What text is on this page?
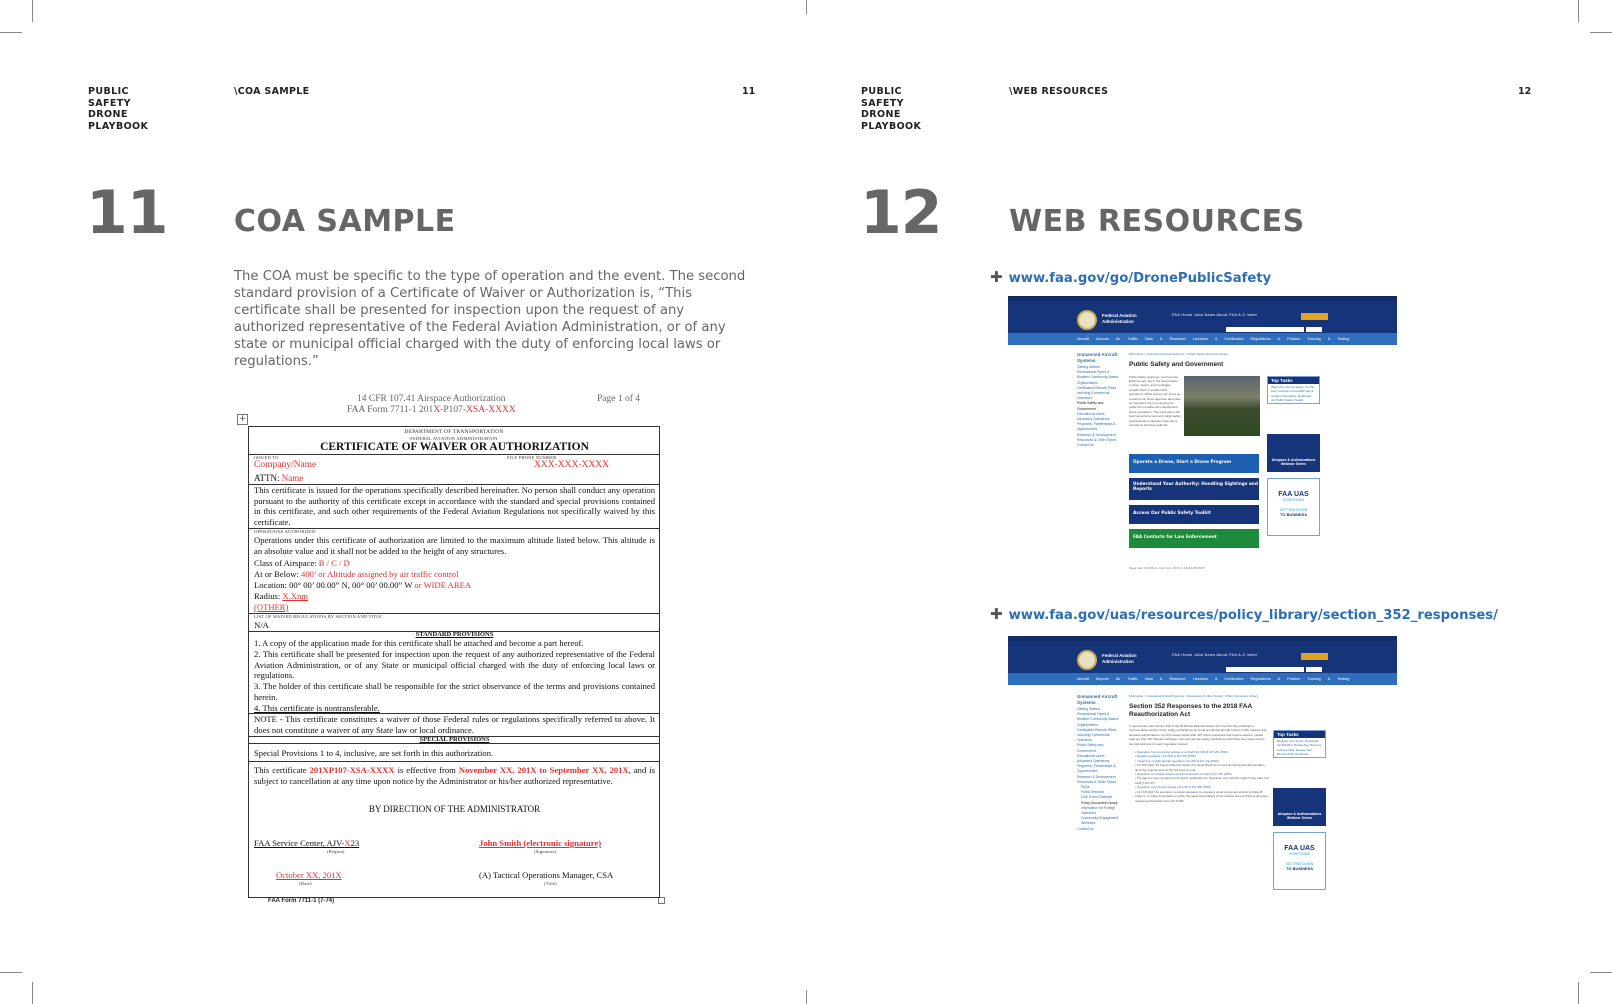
PUBLIC
SAFETY
DRONE
PLAYBOOK
\COA SAMPLE	11
11 COA SAMPLE
The COA must be specific to the type of operation and the event. The second standard provision of a Certificate of Waiver or Authorization is, “This certificate shall be presented for inspection upon the request of any authorized representative of the Federal Aviation Administration, or of any state or municipal official charged with the duty of enforcing local laws or regulations.”
14 CFR 107.41 Airspace Authorization	Page 1 of 4
FAA Form 7711-1 201X-P107-XSA-XXXX
+
DEPARTMENT OF TRANSPORTATION
FEDERAL AVIATION ADMINISTRATION
CERTIFICATE OF WAIVER OR AUTHORIZATION
ISSUED TO	FILE PHONE NUMBER
Company/Name	XXX-XXX-XXXX
ATTN: Name
This certificate is issued for the operations specifically described hereinafter. No person shall conduct any operation pursuant to the authority of this certificate except in accordance with the standard and special provisions contained in this certificate, and such other requirements of the Federal Aviation Regulations not specifically waived by this certificate.
OPERATIONS AUTHORIZED
Operations under this certificate of authorization are limited to the maximum altitude listed below. This altitude is an absolute value and it shall not be added to the height of any structures.
Class of Airspace: B / C / D
At or Below: 400’ or Altitude assigned by air traffic control
Location: 00° 00’ 00.00” N, 00° 00’ 00.00” W or WIDE AREA
Radius: X.Xnm
(OTHER)
LIST OF WAIVED REGULATIONS BY SECTION AND TITLE
N/A
STANDARD PROVISIONS
1. A copy of the application made for this certificate shall be attached and become a part hereof.
2. This certificate shall be presented for inspection upon the request of any authorized representative of the Federal Aviation Administration, or of any State or municipal official charged with the duty of enforcing local laws or regulations.
3. The holder of this certificate shall be responsible for the strict observance of the terms and provisions contained herein.
4. This certificate is nontransferable.
NOTE - This certificate constitutes a waiver of those Federal rules or regulations specifically referred to above. It does not constitute a waiver of any State law or local ordinance.
SPECIAL PROVISIONS
Special Provisions 1 to 4, inclusive, are set forth in this authorization.
This certificate 201XP107-XSA-XXXX is effective from November XX, 201X to September XX, 201X, and is subject to cancellation at any time upon notice by the Administrator or his/her authorized representative.
BY DIRECTION OF THE ADMINISTRATOR
FAA Service Center, AJV-X23
(Region)
John Smith (electronic signature)
(Signature)
October XX, 201X
(Date)
(A) Tactical Operations Manager, CSA
(Title)
FAA Form 7711-1 (7-74)
PUBLIC
SAFETY
DRONE
PLAYBOOK
\WEB RESOURCES	12
12 WEB RESOURCES
✚ www.faa.gov/go/DronePublicSafety
✚ www.faa.gov/uas/resources/policy_library/section_352_responses/
Federal Aviation
Administration
FAA Home Jobs News About FAA A-Z Index
Aircraft Airports Air Traffic Data & Research Licenses & Certificates Regulations & Policies Training & Testing
Unmanned Aircraft Systems
Getting Started
Recreational Flyers & Modeler Community-Based Organizations
Certificated Remote Pilots including Commercial Operators
Public Safety and Government
Educational Users
Advanced Operations
Programs, Partnerships & Opportunities
Research & Development
Resources & Other Topics
Contact Us
FAA Home > Unmanned Aircraft Systems > Public Safety and Government
Public Safety and Government
Public Safety Agencies, such as Law Enforcement, are in the best position to deter, detect, and investigate unauthorized or unsafe UAS operations. While drones can serve as a useful tool, these agencies also have an important role in protecting the public from unsafe and unauthorized drone operations. This information will help law enforcement and public safety professionals understand safe drone operations and their authority.
Operate a Drone, Start a Drone Program
Understand Your Authority: Handling Sightings and Reports
Access Our Public Safety Toolkit
FAA Contacts for Law Enforcement
Page last modified: April 12, 2019 1:18:46 PM EDT
Top Tasks
Watch the "Drone Safety: It's the Law" webinar. Post-LEAP agent contact information. Download our Public Safety Toolkit
Airspace & Authorizations Webinar Series
FAA UAS
SYMPOSIUM
GETTING DOWN
TO BUSINESS
Federal Aviation
Administration
FAA Home Jobs News About FAA A-Z Index
Aircraft Airports Air Traffic Data & Research Licenses & Certificates Regulations & Policies Training & Testing
Unmanned Aircraft Systems
Getting Started
Recreational Flyers & Modeler Community-Based Organizations
Certificated Remote Pilots including Commercial Operators
Public Safety and Government
Educational Users
Advanced Operations
Programs, Partnerships & Opportunities
Research & Development
Resources & Other Topics
FAQs
Public Records
UAS Event Calendar
Policy Document Library
Information for Foreign Operators
Community Engagement
Webinars
Contact Us
FAA Home > Unmanned Aircraft Systems > Resources & Other Topics > Policy Document Library
Section 352 Responses to the 2018 FAA Reauthorization Act
In accordance with Section 352 of the 2018 FAA Reauthorization Act, the FAA has published a representative sample of the safety justifications for small unmanned aircraft system (UAS) waivers and airspace authorizations. For information about Part 107 drone operations that require waivers, please read our Part 107 Waivers webpage. Here are sample safety justifications that have been approved by the Administrator for each regulation waived:
• Operation from a moving vehicle or aircraft (14 CFR § 107.25) (PDF)
• Daylight operation (14 CFR § 107.29) (PDF)
• Visual line of sight aircraft operation (14 CFR § 107.31) (PDF)
• 14 CFR §107.33 (visual observer) states if a visual observer is used during the aircraft operation, all of the requirements of 107.33 must be met.
• Operation of multiple small unmanned aircraft (14 CFR § 107.35) (PDF)
• The agency has not approved a waiver application for Operation over aircraft; right-of-way rules (14 CFR § 107.37).
• Operation over human beings (14 CFR § 107.39) (PDF)
• 14 CFR §107.41 operation in certain airspace: to operate a small unmanned aircraft in Class B, Class C, or Class D airspace or within the lateral boundaries of the surface area of Class E airspace requires authorization from Air Traffic
Top Tasks
Register your drone. Download the B4UFLY Mobile App. Become a Drone Pilot. Renew Your Remote Pilot Certificate
Airspace & Authorizations Webinar Series
FAA UAS
SYMPOSIUM
GETTING DOWN
TO BUSINESS
